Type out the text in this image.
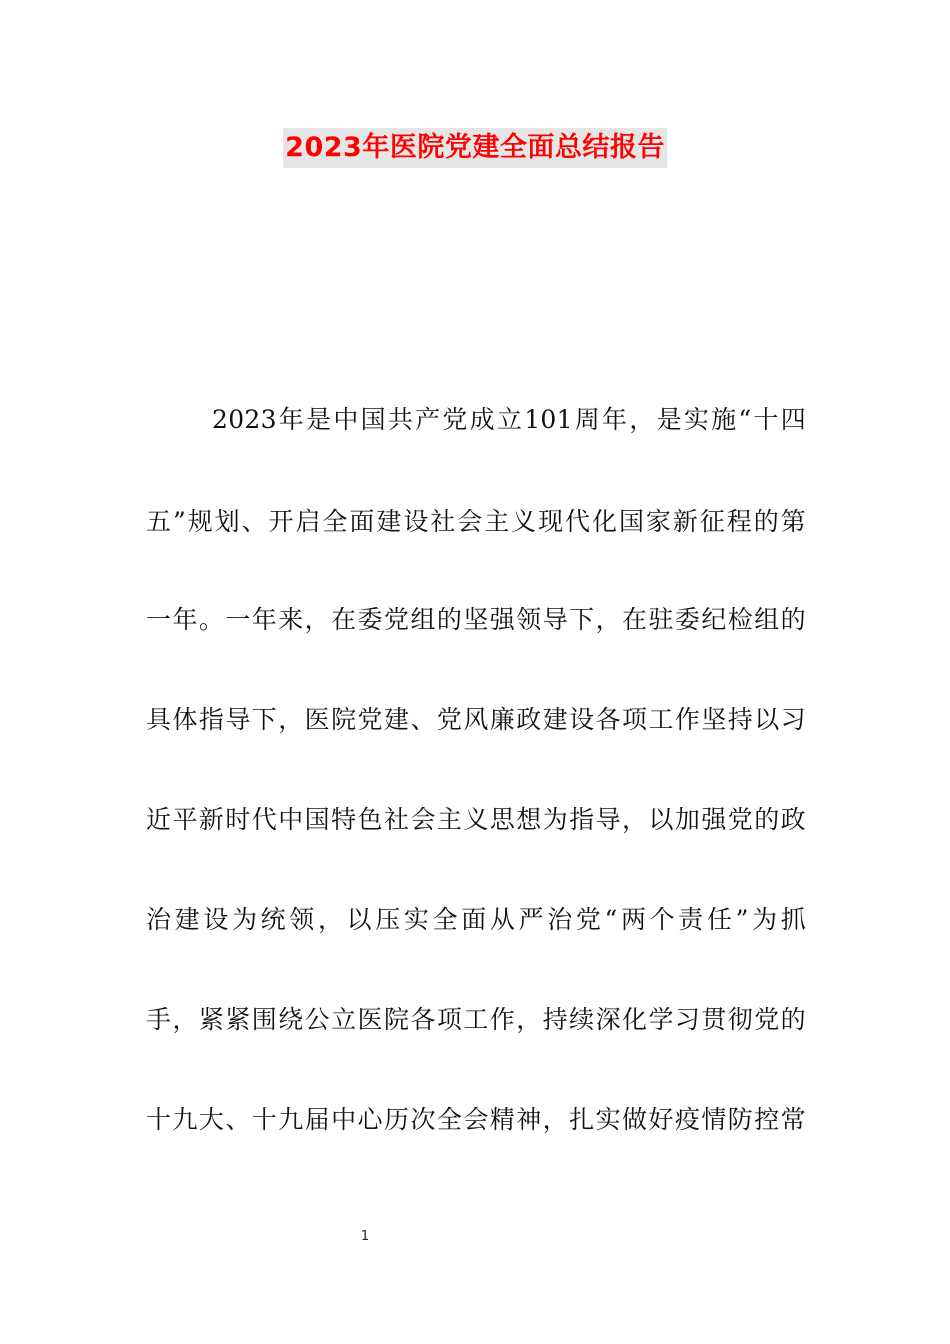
2023年医院党建全面总结报告
2023年是中国共产党成立101周年，是实施“十四
五”规划、开启全面建设社会主义现代化国家新征程的第
一年。一年来，在委党组的坚强领导下，在驻委纪检组的
具体指导下，医院党建、党风廉政建设各项工作坚持以习
近平新时代中国特色社会主义思想为指导，以加强党的政
治建设为统领，以压实全面从严治党“两个责任”为抓
手，紧紧围绕公立医院各项工作，持续深化学习贯彻党的
十九大、十九届中心历次全会精神，扎实做好疫情防控常
1
